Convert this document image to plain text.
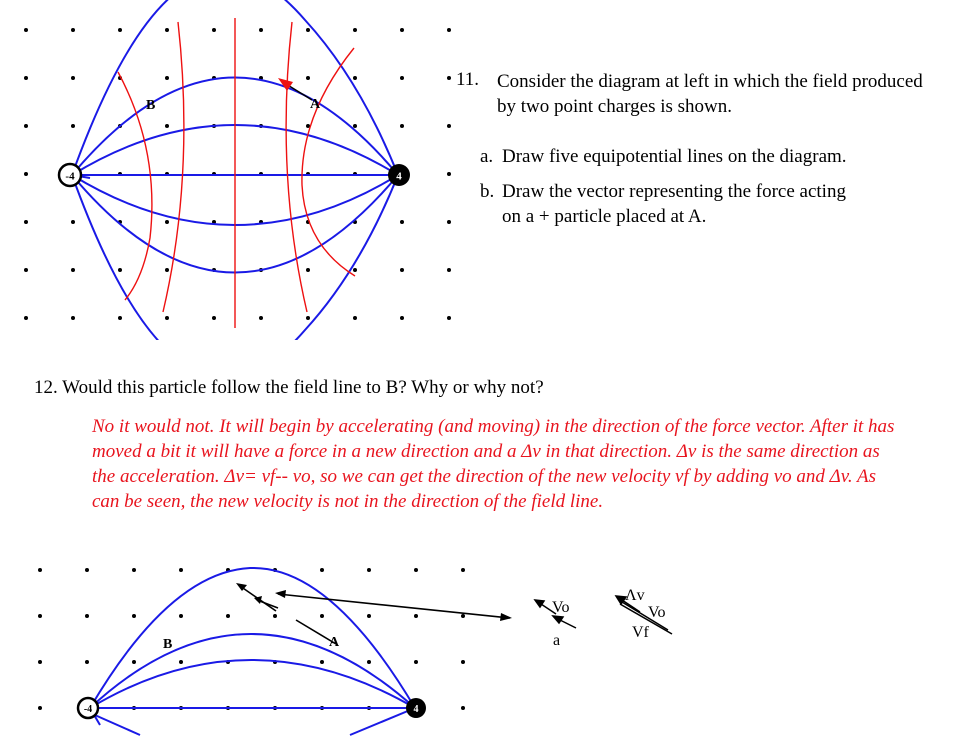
B	A
-4	4
11. Consider the diagram at left in which the field produced by two point charges is shown.
a. Draw five equipotential lines on the diagram.
b. Draw the vector representing the force acting
on a + particle placed at A.
12. Would this particle follow the field line to B? Why or why not?
No it would not. It will begin by accelerating (and moving) in the direction of the force vector. After it has moved a bit it will have a force in a new direction and a Δv in that direction. Δv is the same direction as the acceleration. Δv= vf-- vo, so we can get the direction of the new velocity vf by adding vo and Δv. As can be seen, the new velocity is not in the direction of the field line.
B	A
Vo
a
Λv
Vo
Vf
-4	4
